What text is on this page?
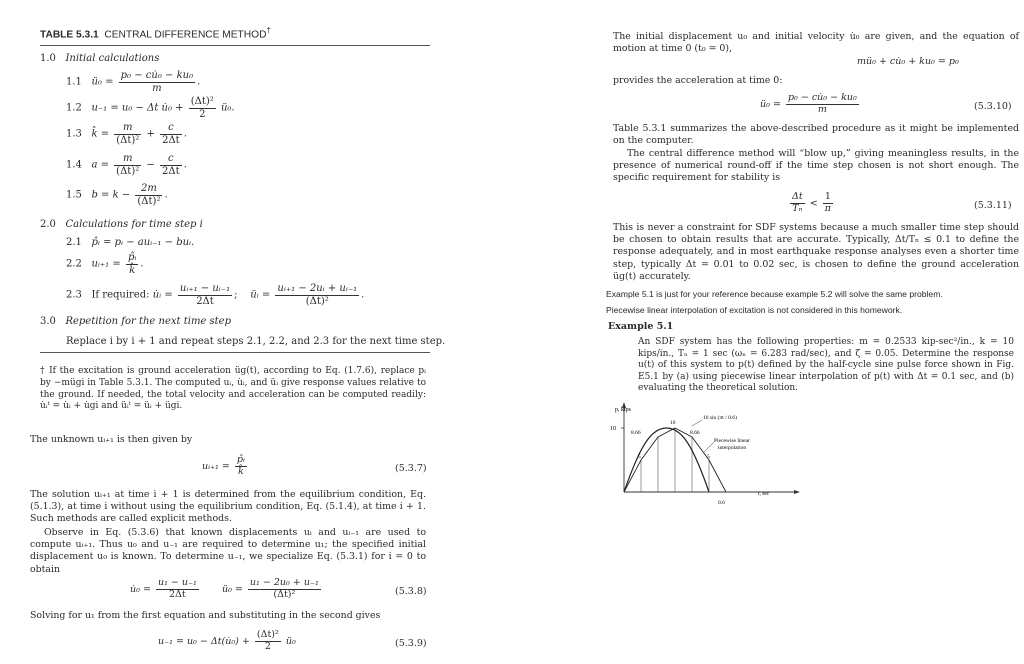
TABLE 5.3.1 CENTRAL DIFFERENCE METHOD†
1.0 Initial calculations
1.1 ü₀ = $\frac{\text{p₀ − cu̇₀ − ku₀}}{m}$ .
1.2 u₋₁ = u₀ − Δt u̇₀ + $\frac{\text{(Δt)²}}{2}$ ü₀.
1.3 k̂ = $\frac{m}{\text{(Δt)²}} + \frac{c}{2\Delta t}$ .
1.4 $a = \frac{m}{\text{(Δt)²}} - \frac{c}{2\Delta t}$ .
1.5 $b = k - \frac{2m}{\text{(Δt)²}}$ .
2.0 Calculations for time step i
2.1 p̂ᵢ = pᵢ − auᵢ₋₁ − buᵢ.
2.2 uᵢ₊₁ = $\frac{\text{p̂ᵢ}}{k̂}$ .
2.3 If required: u̇ᵢ = $\frac{\text{uᵢ₊₁ − uᵢ₋₁}}{2\Delta t}$ ; üᵢ = $\frac{\text{uᵢ₊₁ − 2uᵢ + uᵢ₋₁}}{\text{(Δt)²}}$ .
3.0 Repetition for the next time step
Replace i by i + 1 and repeat steps 2.1, 2.2, and 2.3 for the next time step.
† If the excitation is ground acceleration üg(t), according to Eq. (1.7.6), replace pᵢ by −mügi in Table 5.3.1. The computed uᵢ, u̇ᵢ, and üᵢ give response values relative to the ground. If needed, the total velocity and acceleration can be computed readily: u̇ᵢᵗ = u̇ᵢ + u̇gi and üᵢᵗ = üᵢ + ügi.
The unknown uᵢ₊₁ is then given by
uᵢ₊₁ = $\frac{\text{p̂ᵢ}}{k̂}$	(5.3.7)
The solution uᵢ₊₁ at time i + 1 is determined from the equilibrium condition, Eq. (5.1.3), at time i without using the equilibrium condition, Eq. (5.1.4), at time i + 1. Such methods are called explicit methods.
Observe in Eq. (5.3.6) that known displacements uᵢ and uᵢ₋₁ are used to compute uᵢ₊₁. Thus u₀ and u₋₁ are required to determine u₁; the specified initial displacement u₀ is known. To determine u₋₁, we specialize Eq. (5.3.1) for i = 0 to obtain
u̇₀ = $\frac{\text{u₁ − u₋₁}}{2\Delta t}$ ü₀ = $\frac{\text{u₁ − 2u₀ + u₋₁}}{\text{(Δt)²}}$	(5.3.8)
Solving for u₁ from the first equation and substituting in the second gives
u₋₁ = u₀ − Δt(u̇₀) + $\frac{\text{(Δt)²}}{2}$ ü₀	(5.3.9)
The initial displacement u₀ and initial velocity u̇₀ are given, and the equation of motion at time 0 (t₀ = 0),
mü₀ + cu̇₀ + ku₀ = p₀
provides the acceleration at time 0:
ü₀ = $\frac{\text{p₀ − cu̇₀ − ku₀}}{m}$	(5.3.10)
Table 5.3.1 summarizes the above-described procedure as it might be implemented on the computer.
The central difference method will “blow up,” giving meaningless results, in the presence of numerical round-off if the time step chosen is not short enough. The specific requirement for stability is
$\frac{\Delta t}{\text{Tₙ}} < \frac{1}{\pi}$	(5.3.11)
This is never a constraint for SDF systems because a much smaller time step should be chosen to obtain results that are accurate. Typically, Δt/Tₙ ≤ 0.1 to define the response adequately, and in most earthquake response analyses even a shorter time step, typically Δt = 0.01 to 0.02 sec, is chosen to define the ground acceleration üg(t) accurately.
Example 5.1 is just for your reference because example 5.2 will solve the same problem.
Piecewise linear interpolation of excitation is not considered in this homework.
Example 5.1
An SDF system has the following properties: m = 0.2533 kip-sec²/in., k = 10 kips/in., Tₙ = 1 sec (ωₙ = 6.283 rad/sec), and ζ = 0.05. Determine the response u(t) of this system to p(t) defined by the half-cycle sine pulse force shown in Fig. E5.1 by (a) using piecewise linear interpolation of p(t) with Δt = 0.1 sec, and (b) evaluating the theoretical solution.
p, kips
10
8.66
10
8.66
5	5
10 sin (πt / 0.6)
Piecewise linear
interpolation
0.6
t, sec
